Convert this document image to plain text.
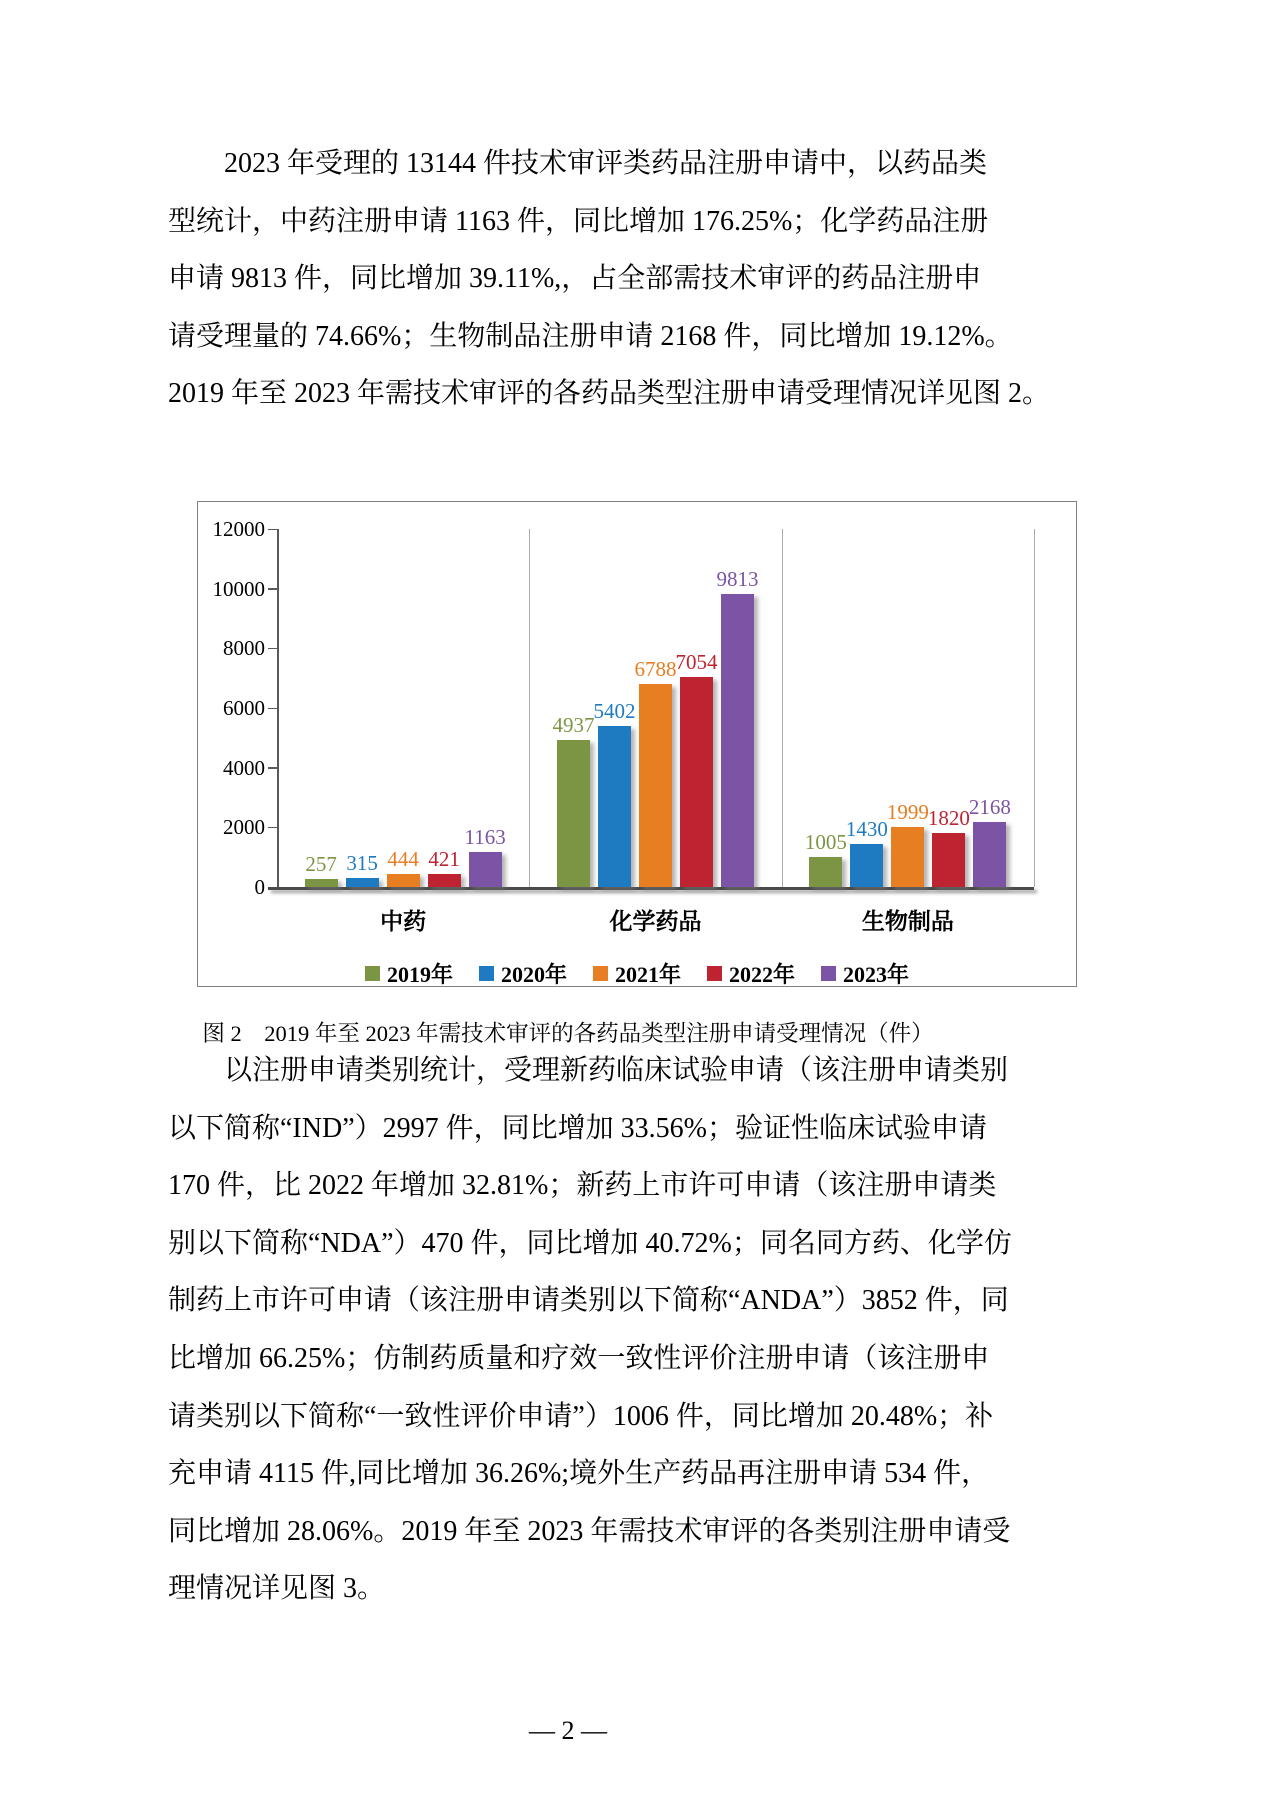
2023 年受理的 13144 件技术审评类药品注册申请中，以药品类
型统计，中药注册申请 1163 件，同比增加 176.25%；化学药品注册
申请 9813 件，同比增加 39.11%,，占全部需技术审评的药品注册申
请受理量的 74.66%；生物制品注册申请 2168 件，同比增加 19.12%。
2019 年至 2023 年需技术审评的各药品类型注册申请受理情况详见图 2。
0
2000
4000
6000
8000
10000
12000
257 315 444 421
1163
中药
4937
5402
6788 7054
9813
化学药品
1005
1430
1999 1820 2168
生物制品
2019年 2020年 2021年 2022年 2023年
图 2　2019 年至 2023 年需技术审评的各药品类型注册申请受理情况（件）
以注册申请类别统计，受理新药临床试验申请（该注册申请类别
以下简称“IND”）2997 件，同比增加 33.56%；验证性临床试验申请
170 件，比 2022 年增加 32.81%；新药上市许可申请（该注册申请类
别以下简称“NDA”）470 件，同比增加 40.72%；同名同方药、化学仿
制药上市许可申请（该注册申请类别以下简称“ANDA”）3852 件，同
比增加 66.25%；仿制药质量和疗效一致性评价注册申请（该注册申
请类别以下简称“一致性评价申请”）1006 件，同比增加 20.48%；补
充申请 4115 件,同比增加 36.26%;境外生产药品再注册申请 534 件，
同比增加 28.06%。2019 年至 2023 年需技术审评的各类别注册申请受
理情况详见图 3。
— 2 —
